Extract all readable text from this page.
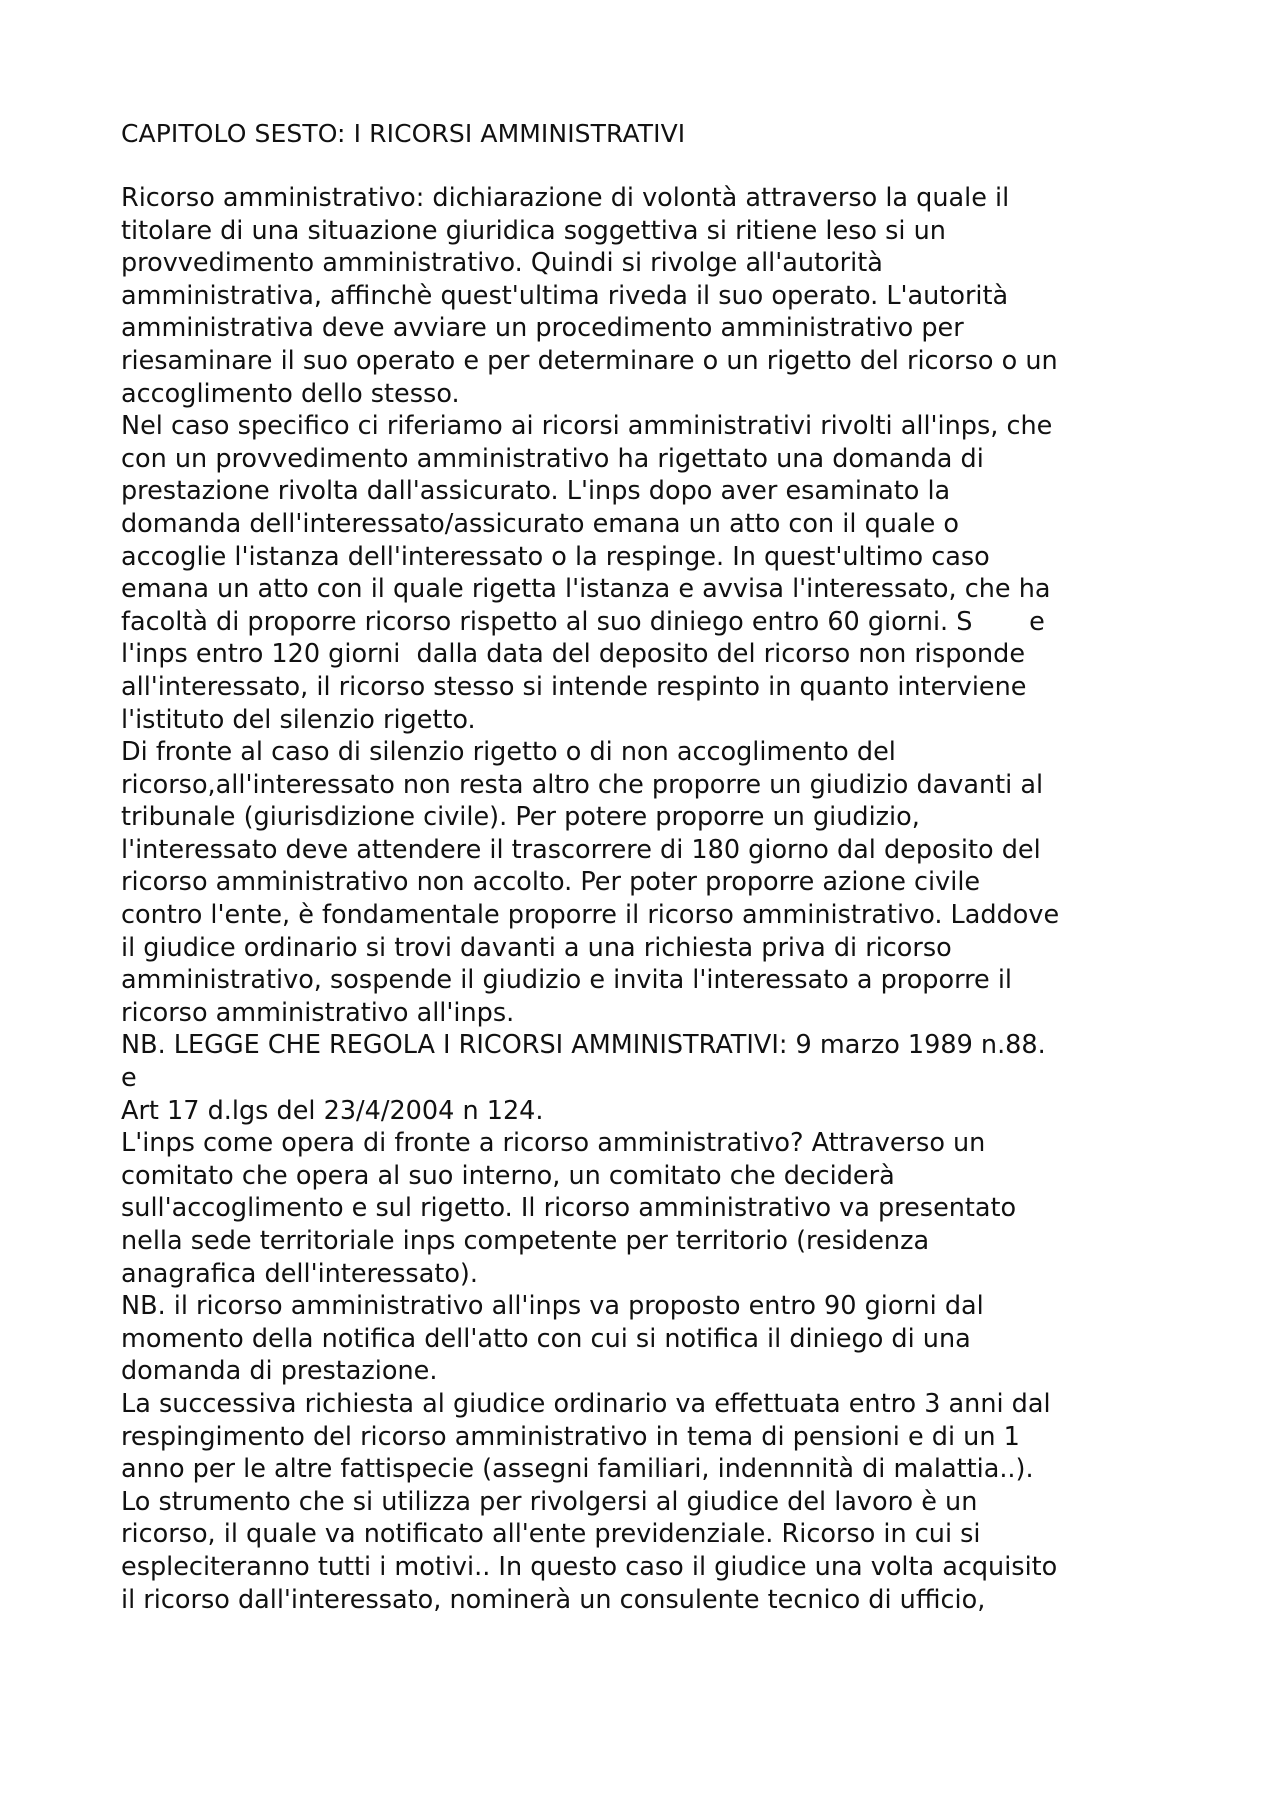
CAPITOLO SESTO: I RICORSI AMMINISTRATIVI
Ricorso amministrativo: dichiarazione di volontà attraverso la quale il
titolare di una situazione giuridica soggettiva si ritiene leso si un
provvedimento amministrativo. Quindi si rivolge all'autorità
amministrativa, affinchè quest'ultima riveda il suo operato. L'autorità
amministrativa deve avviare un procedimento amministrativo per
riesaminare il suo operato e per determinare o un rigetto del ricorso o un
accoglimento dello stesso.
Nel caso specifico ci riferiamo ai ricorsi amministrativi rivolti all'inps, che
con un provvedimento amministrativo ha rigettato una domanda di
prestazione rivolta dall'assicurato. L'inps dopo aver esaminato la
domanda dell'interessato/assicurato emana un atto con il quale o
accoglie l'istanza dell'interessato o la respinge. In quest'ultimo caso
emana un atto con il quale rigetta l'istanza e avvisa l'interessato, che ha
facoltà di proporre ricorso rispetto al suo diniego entro 60 giorni. S       e
l'inps entro 120 giorni  dalla data del deposito del ricorso non risponde
all'interessato, il ricorso stesso si intende respinto in quanto interviene
l'istituto del silenzio rigetto.
Di fronte al caso di silenzio rigetto o di non accoglimento del
ricorso,all'interessato non resta altro che proporre un giudizio davanti al
tribunale (giurisdizione civile). Per potere proporre un giudizio,
l'interessato deve attendere il trascorrere di 180 giorno dal deposito del
ricorso amministrativo non accolto. Per poter proporre azione civile
contro l'ente, è fondamentale proporre il ricorso amministrativo. Laddove
il giudice ordinario si trovi davanti a una richiesta priva di ricorso
amministrativo, sospende il giudizio e invita l'interessato a proporre il
ricorso amministrativo all'inps.
NB. LEGGE CHE REGOLA I RICORSI AMMINISTRATIVI: 9 marzo 1989 n.88.
e
Art 17 d.lgs del 23/4/2004 n 124.
L'inps come opera di fronte a ricorso amministrativo? Attraverso un
comitato che opera al suo interno, un comitato che deciderà
sull'accoglimento e sul rigetto. Il ricorso amministrativo va presentato
nella sede territoriale inps competente per territorio (residenza
anagrafica dell'interessato).
NB. il ricorso amministrativo all'inps va proposto entro 90 giorni dal
momento della notifica dell'atto con cui si notifica il diniego di una
domanda di prestazione.
La successiva richiesta al giudice ordinario va effettuata entro 3 anni dal
respingimento del ricorso amministrativo in tema di pensioni e di un 1
anno per le altre fattispecie (assegni familiari, indennnità di malattia..).
Lo strumento che si utilizza per rivolgersi al giudice del lavoro è un
ricorso, il quale va notificato all'ente previdenziale. Ricorso in cui si
espleciteranno tutti i motivi.. In questo caso il giudice una volta acquisito
il ricorso dall'interessato, nominerà un consulente tecnico di ufficio,
